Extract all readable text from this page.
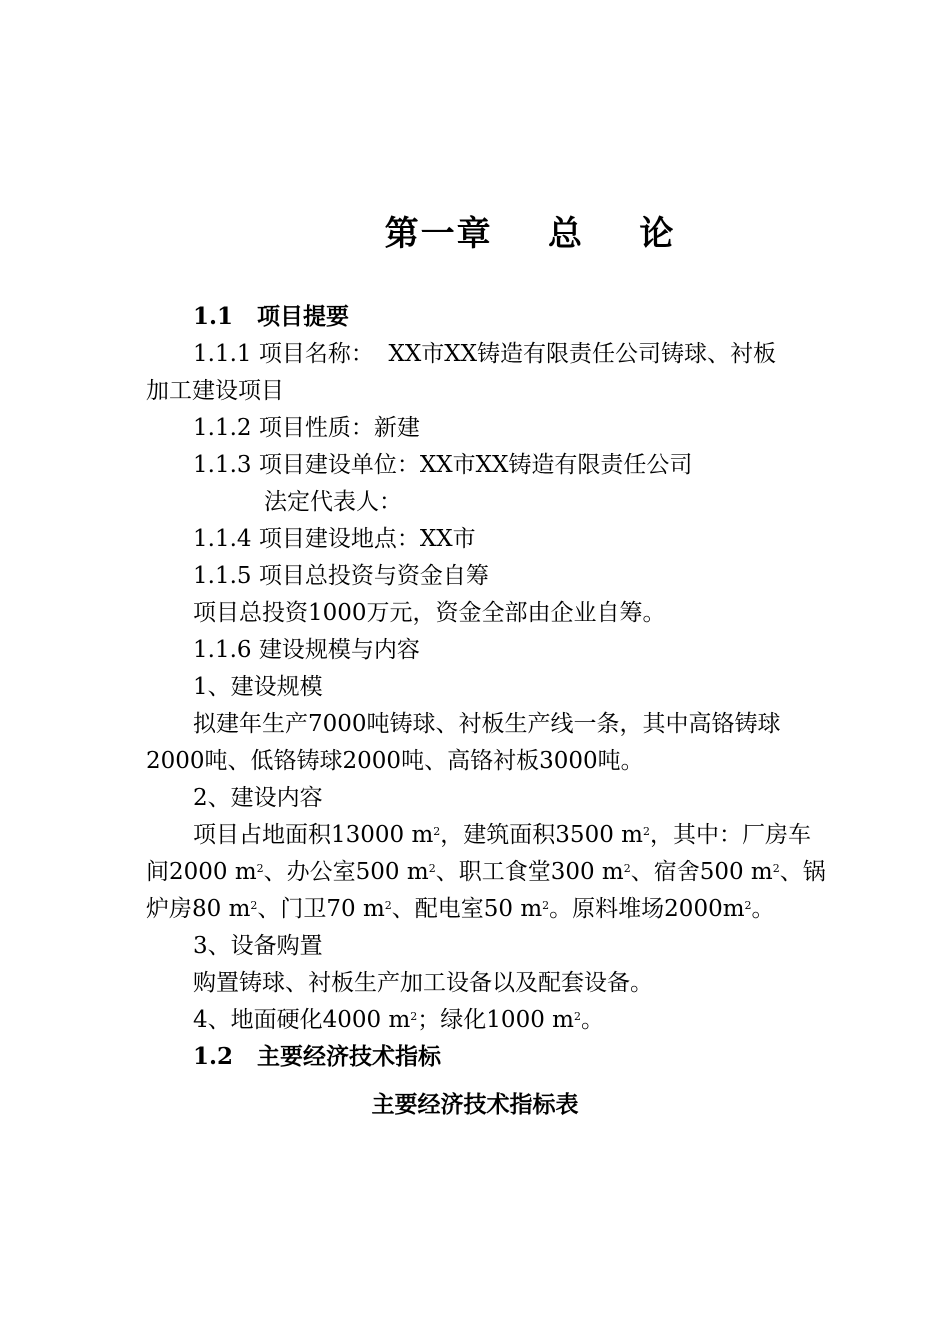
第一章    总    论

1.1 项目提要

1.1.1 项目名称：  XX市XX铸造有限责任公司铸球、衬板

加工建设项目

1.1.2 项目性质：新建

1.1.3 项目建设单位：XX市XX铸造有限责任公司

法定代表人：

1.1.4 项目建设地点：XX市

1.1.5 项目总投资与资金自筹

项目总投资1000万元，资金全部由企业自筹。

1.1.6 建设规模与内容

1、建设规模

拟建年生产7000吨铸球、衬板生产线一条，其中高铬铸球

2000吨、低铬铸球2000吨、高铬衬板3000吨。

2、建设内容

项目占地面积13000 $m^2$，建筑面积3500 $m^2$，其中：厂房车

间2000 $m^2$、办公室500 $m^2$、职工食堂300 $m^2$、宿舍500 $m^2$、锅

炉房80 $m^2$、门卫70 $m^2$、配电室50 $m^2$。原料堆场$2000m^2$。

3、设备购置

购置铸球、衬板生产加工设备以及配套设备。

4、地面硬化4000 $m^2$；绿化1000 $m^2$。

1.2 主要经济技术指标

主要经济技术指标表
